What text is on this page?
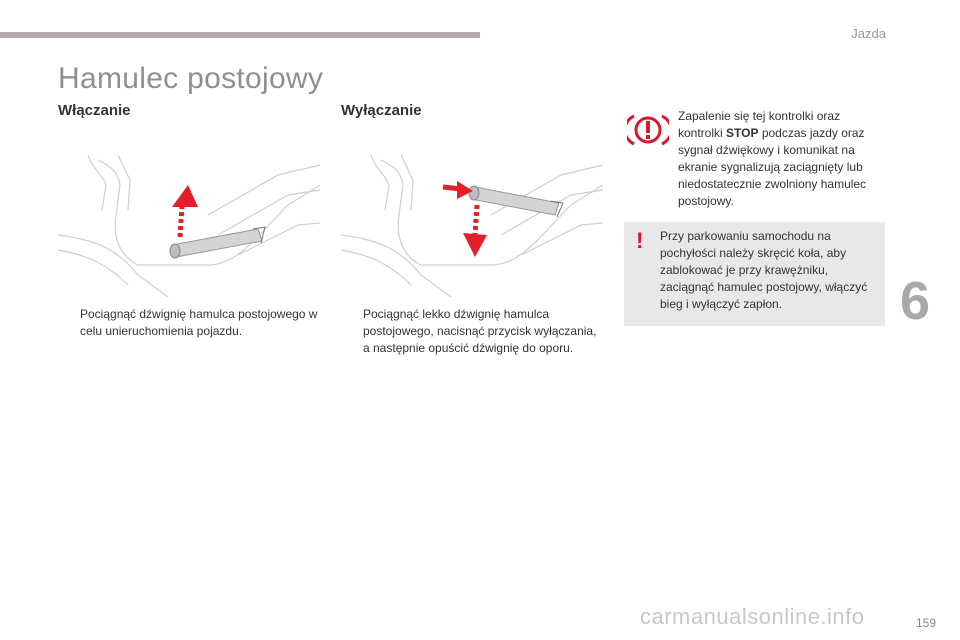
Jazda
Hamulec postojowy
Włączanie
Pociągnąć dźwignię hamulca postojowego w celu unieruchomienia pojazdu.
Wyłączanie
Pociągnąć lekko dźwignię hamulca postojowego, nacisnąć przycisk wyłączania, a następnie opuścić dźwignię do oporu.

Zapalenie się tej kontrolki oraz kontrolki STOP podczas jazdy oraz sygnał dźwiękowy i komunikat na ekranie sygnalizują zaciągnięty lub niedostatecznie zwolniony hamulec postojowy.

! Przy parkowaniu samochodu na pochyłości należy skręcić koła, aby zablokować je przy krawężniku, zaciągnąć hamulec postojowy, włączyć bieg i wyłączyć zapłon.	6
carmanualsonline.info	159
